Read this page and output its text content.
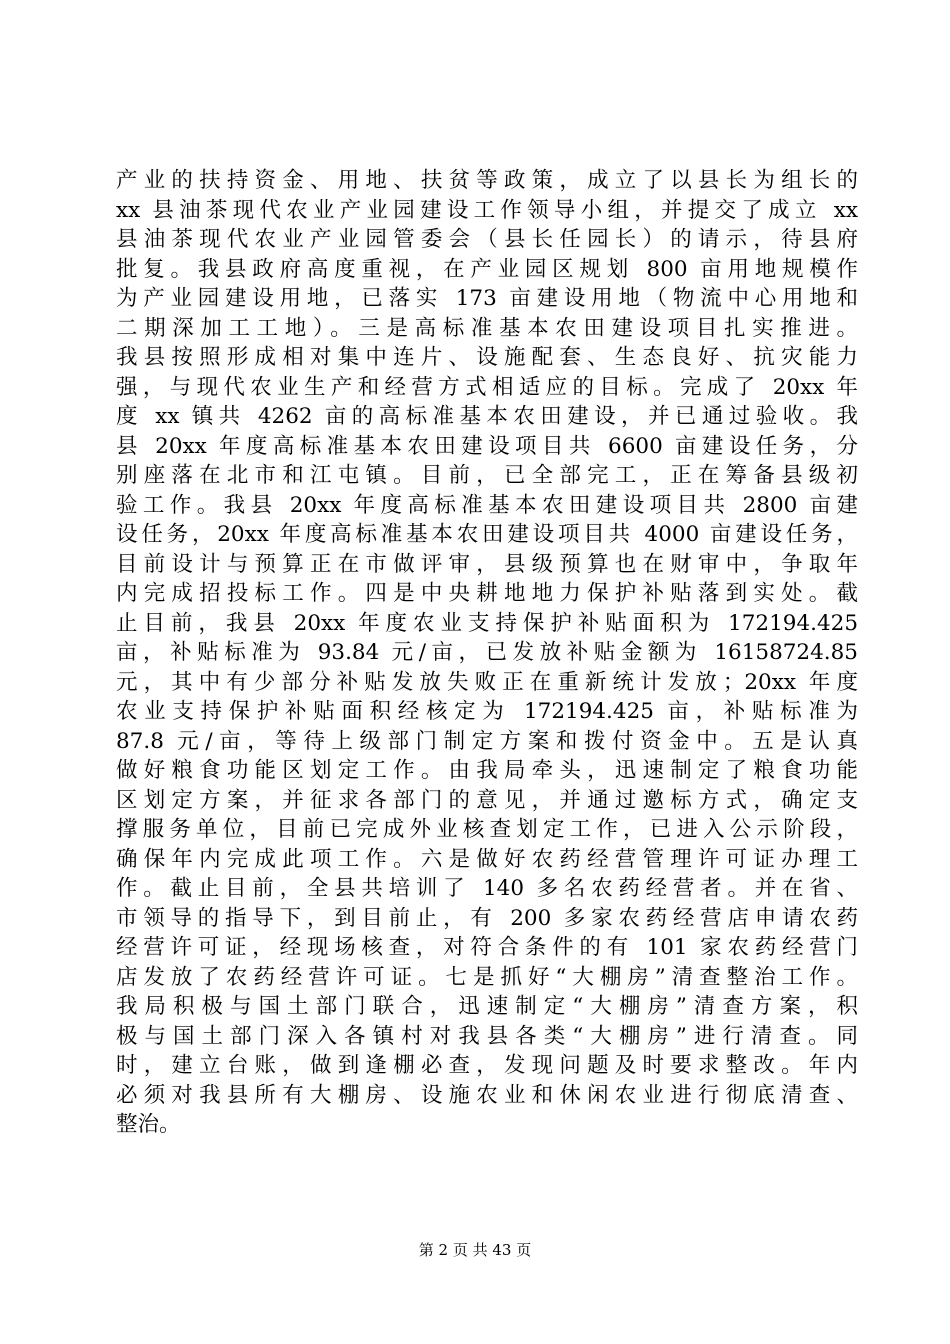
产业的扶持资金、用地、扶贫等政策，成立了以县长为组长的
xx 县油茶现代农业产业园建设工作领导小组，并提交了成立 xx
县油茶现代农业产业园管委会（县长任园长）的请示，待县府
批复。我县政府高度重视，在产业园区规划 800 亩用地规模作
为产业园建设用地，已落实 173 亩建设用地（物流中心用地和
二期深加工工地）。三是高标准基本农田建设项目扎实推进。
我县按照形成相对集中连片、设施配套、生态良好、抗灾能力
强，与现代农业生产和经营方式相适应的目标。完成了 20xx 年
度 xx 镇共 4262 亩的高标准基本农田建设，并已通过验收。我
县 20xx 年度高标准基本农田建设项目共 6600 亩建设任务，分
别座落在北市和江屯镇。目前，已全部完工，正在筹备县级初
验工作。我县 20xx 年度高标准基本农田建设项目共 2800 亩建
设任务，20xx 年度高标准基本农田建设项目共 4000 亩建设任务，
目前设计与预算正在市做评审，县级预算也在财审中，争取年
内完成招投标工作。四是中央耕地地力保护补贴落到实处。截
止目前，我县 20xx 年度农业支持保护补贴面积为 172194.425
亩，补贴标准为 93.84 元/亩，已发放补贴金额为 16158724.85
元，其中有少部分补贴发放失败正在重新统计发放；20xx 年度
农业支持保护补贴面积经核定为 172194.425 亩，补贴标准为
87.8 元/亩，等待上级部门制定方案和拨付资金中。五是认真
做好粮食功能区划定工作。由我局牵头，迅速制定了粮食功能
区划定方案，并征求各部门的意见，并通过邀标方式，确定支
撑服务单位，目前已完成外业核查划定工作，已进入公示阶段，
确保年内完成此项工作。六是做好农药经营管理许可证办理工
作。截止目前，全县共培训了 140 多名农药经营者。并在省、
市领导的指导下，到目前止，有 200 多家农药经营店申请农药
经营许可证，经现场核查，对符合条件的有 101 家农药经营门
店发放了农药经营许可证。七是抓好“大棚房”清查整治工作。
我局积极与国土部门联合，迅速制定“大棚房”清查方案，积
极与国土部门深入各镇村对我县各类“大棚房”进行清查。同
时，建立台账，做到逢棚必查，发现问题及时要求整改。年内
必须对我县所有大棚房、设施农业和休闲农业进行彻底清查、
整治。
第 2 页 共 43 页
